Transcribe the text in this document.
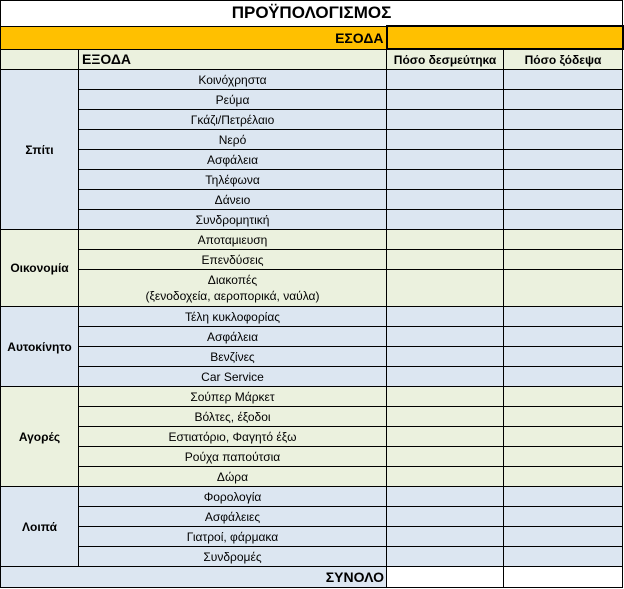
ΠΡΟΫΠΟΛΟΓΙΣΜΟΣ			
ΕΣΟΔΑ			

	ΕΞΟΔΑ	Πόσο δεσμεύτηκα	Πόσο ξόδεψα
Σπίτι	Κοινόχρηστα		
	Ρεύμα		
	Γκάζι/Πετρέλαιο		
	Νερό		
	Ασφάλεια		
	Τηλέφωνα		
	Δάνειο		
	Συνδρομητική		
Οικονομία	Αποταμιευση		
	Επενδύσεις		
	Διακοπές
(ξενοδοχεία, αεροπορικά, ναύλα)		
Αυτοκίνητο	Τέλη κυκλοφορίας		
	Ασφάλεια		
	Βενζίνες		
	Car Service		
Αγορές	Σούπερ Μάρκετ		
	Βόλτες, έξοδοι		
	Εστιατόριο, Φαγητό έξω		
	Ρούχα παπούτσια		
	Δώρα		
Λοιπά	Φορολογία		
	Ασφάλειες		
	Γιατροί, φάρμακα		
	Συνδρομές		
ΣΥΝΟΛΟ			
